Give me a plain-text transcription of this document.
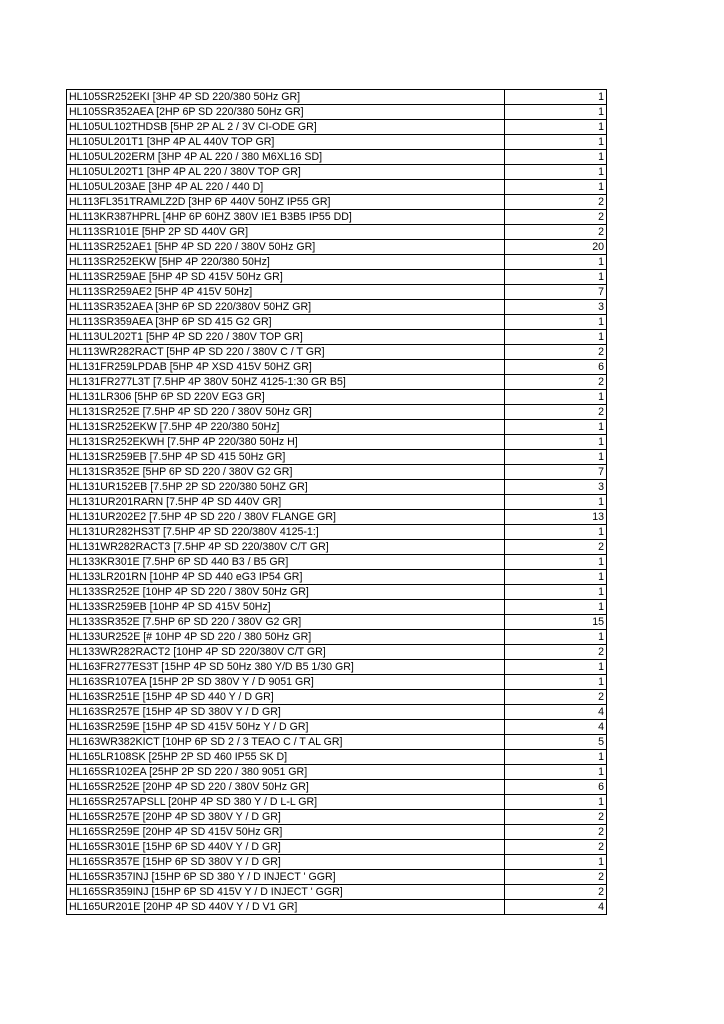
HL105SR252EKI [3HP 4P SD 220/380 50Hz GR]	1
HL105SR352AEA [2HP 6P SD 220/380 50Hz GR]	1
HL105UL102THDSB [5HP 2P AL 2 / 3V CI-ODE GR]	1
HL105UL201T1 [3HP 4P AL 440V TOP GR]	1
HL105UL202ERM [3HP 4P AL 220 / 380 M6XL16 SD]	1
HL105UL202T1 [3HP 4P AL 220 / 380V TOP GR]	1
HL105UL203AE [3HP 4P AL 220 / 440 D]	1
HL113FL351TRAMLZ2D [3HP 6P 440V 50HZ IP55 GR]	2
HL113KR387HPRL [4HP 6P 60HZ 380V IE1 B3B5 IP55 DD]	2
HL113SR101E [5HP 2P SD 440V GR]	2
HL113SR252AE1 [5HP 4P SD 220 / 380V 50Hz GR]	20
HL113SR252EKW [5HP 4P 220/380 50Hz]	1
HL113SR259AE [5HP 4P SD 415V 50Hz GR]	1
HL113SR259AE2 [5HP 4P 415V 50Hz]	7
HL113SR352AEA [3HP 6P SD 220/380V 50HZ GR]	3
HL113SR359AEA [3HP 6P SD 415 G2 GR]	1
HL113UL202T1 [5HP 4P SD 220 / 380V TOP GR]	1
HL113WR282RACT [5HP 4P SD 220 / 380V C / T GR]	2
HL131FR259LPDAB [5HP 4P XSD 415V 50HZ GR]	6
HL131FR277L3T [7.5HP 4P 380V 50HZ 4125-1:30 GR B5]	2
HL131LR306 [5HP 6P SD 220V EG3 GR]	1
HL131SR252E [7.5HP 4P SD 220 / 380V 50Hz GR]	2
HL131SR252EKW [7.5HP 4P 220/380 50Hz]	1
HL131SR252EKWH [7.5HP 4P 220/380 50Hz H]	1
HL131SR259EB [7.5HP 4P SD 415 50Hz GR]	1
HL131SR352E [5HP 6P SD 220 / 380V G2 GR]	7
HL131UR152EB [7.5HP 2P SD 220/380 50HZ GR]	3
HL131UR201RARN [7.5HP 4P SD 440V GR]	1
HL131UR202E2 [7.5HP 4P SD 220 / 380V FLANGE GR]	13
HL131UR282HS3T [7.5HP 4P SD 220/380V 4125-1:]	1
HL131WR282RACT3 [7.5HP 4P SD 220/380V C/T GR]	2
HL133KR301E [7.5HP 6P SD 440 B3 / B5 GR]	1
HL133LR201RN [10HP 4P SD 440 eG3 IP54 GR]	1
HL133SR252E [10HP 4P SD 220 / 380V 50Hz GR]	1
HL133SR259EB [10HP 4P SD 415V 50Hz]	1
HL133SR352E [7.5HP 6P SD 220 / 380V G2 GR]	15
HL133UR252E [# 10HP 4P SD 220 / 380 50Hz GR]	1
HL133WR282RACT2 [10HP 4P SD 220/380V C/T GR]	2
HL163FR277ES3T [15HP 4P SD 50Hz 380 Y/D B5 1/30 GR]	1
HL163SR107EA [15HP 2P SD 380V Y / D 9051 GR]	1
HL163SR251E [15HP 4P SD 440 Y / D GR]	2
HL163SR257E [15HP 4P SD 380V Y / D GR]	4
HL163SR259E [15HP 4P SD 415V 50Hz Y / D GR]	4
HL163WR382KICT [10HP 6P SD 2 / 3 TEAO C / T AL GR]	5
HL165LR108SK [25HP 2P SD 460 IP55 SK D]	1
HL165SR102EA [25HP 2P SD 220 / 380 9051 GR]	1
HL165SR252E [20HP 4P SD 220 / 380V 50Hz GR]	6
HL165SR257APSLL [20HP 4P SD 380 Y / D L-L GR]	1
HL165SR257E [20HP 4P SD 380V Y / D GR]	2
HL165SR259E [20HP 4P SD 415V 50Hz GR]	2
HL165SR301E [15HP 6P SD 440V Y / D GR]	2
HL165SR357E [15HP 6P SD 380V Y / D GR]	1
HL165SR357INJ [15HP 6P SD 380 Y / D INJECT ' GGR]	2
HL165SR359INJ [15HP 6P SD 415V Y / D INJECT ' GGR]	2
HL165UR201E [20HP 4P SD 440V Y / D V1 GR]	4
